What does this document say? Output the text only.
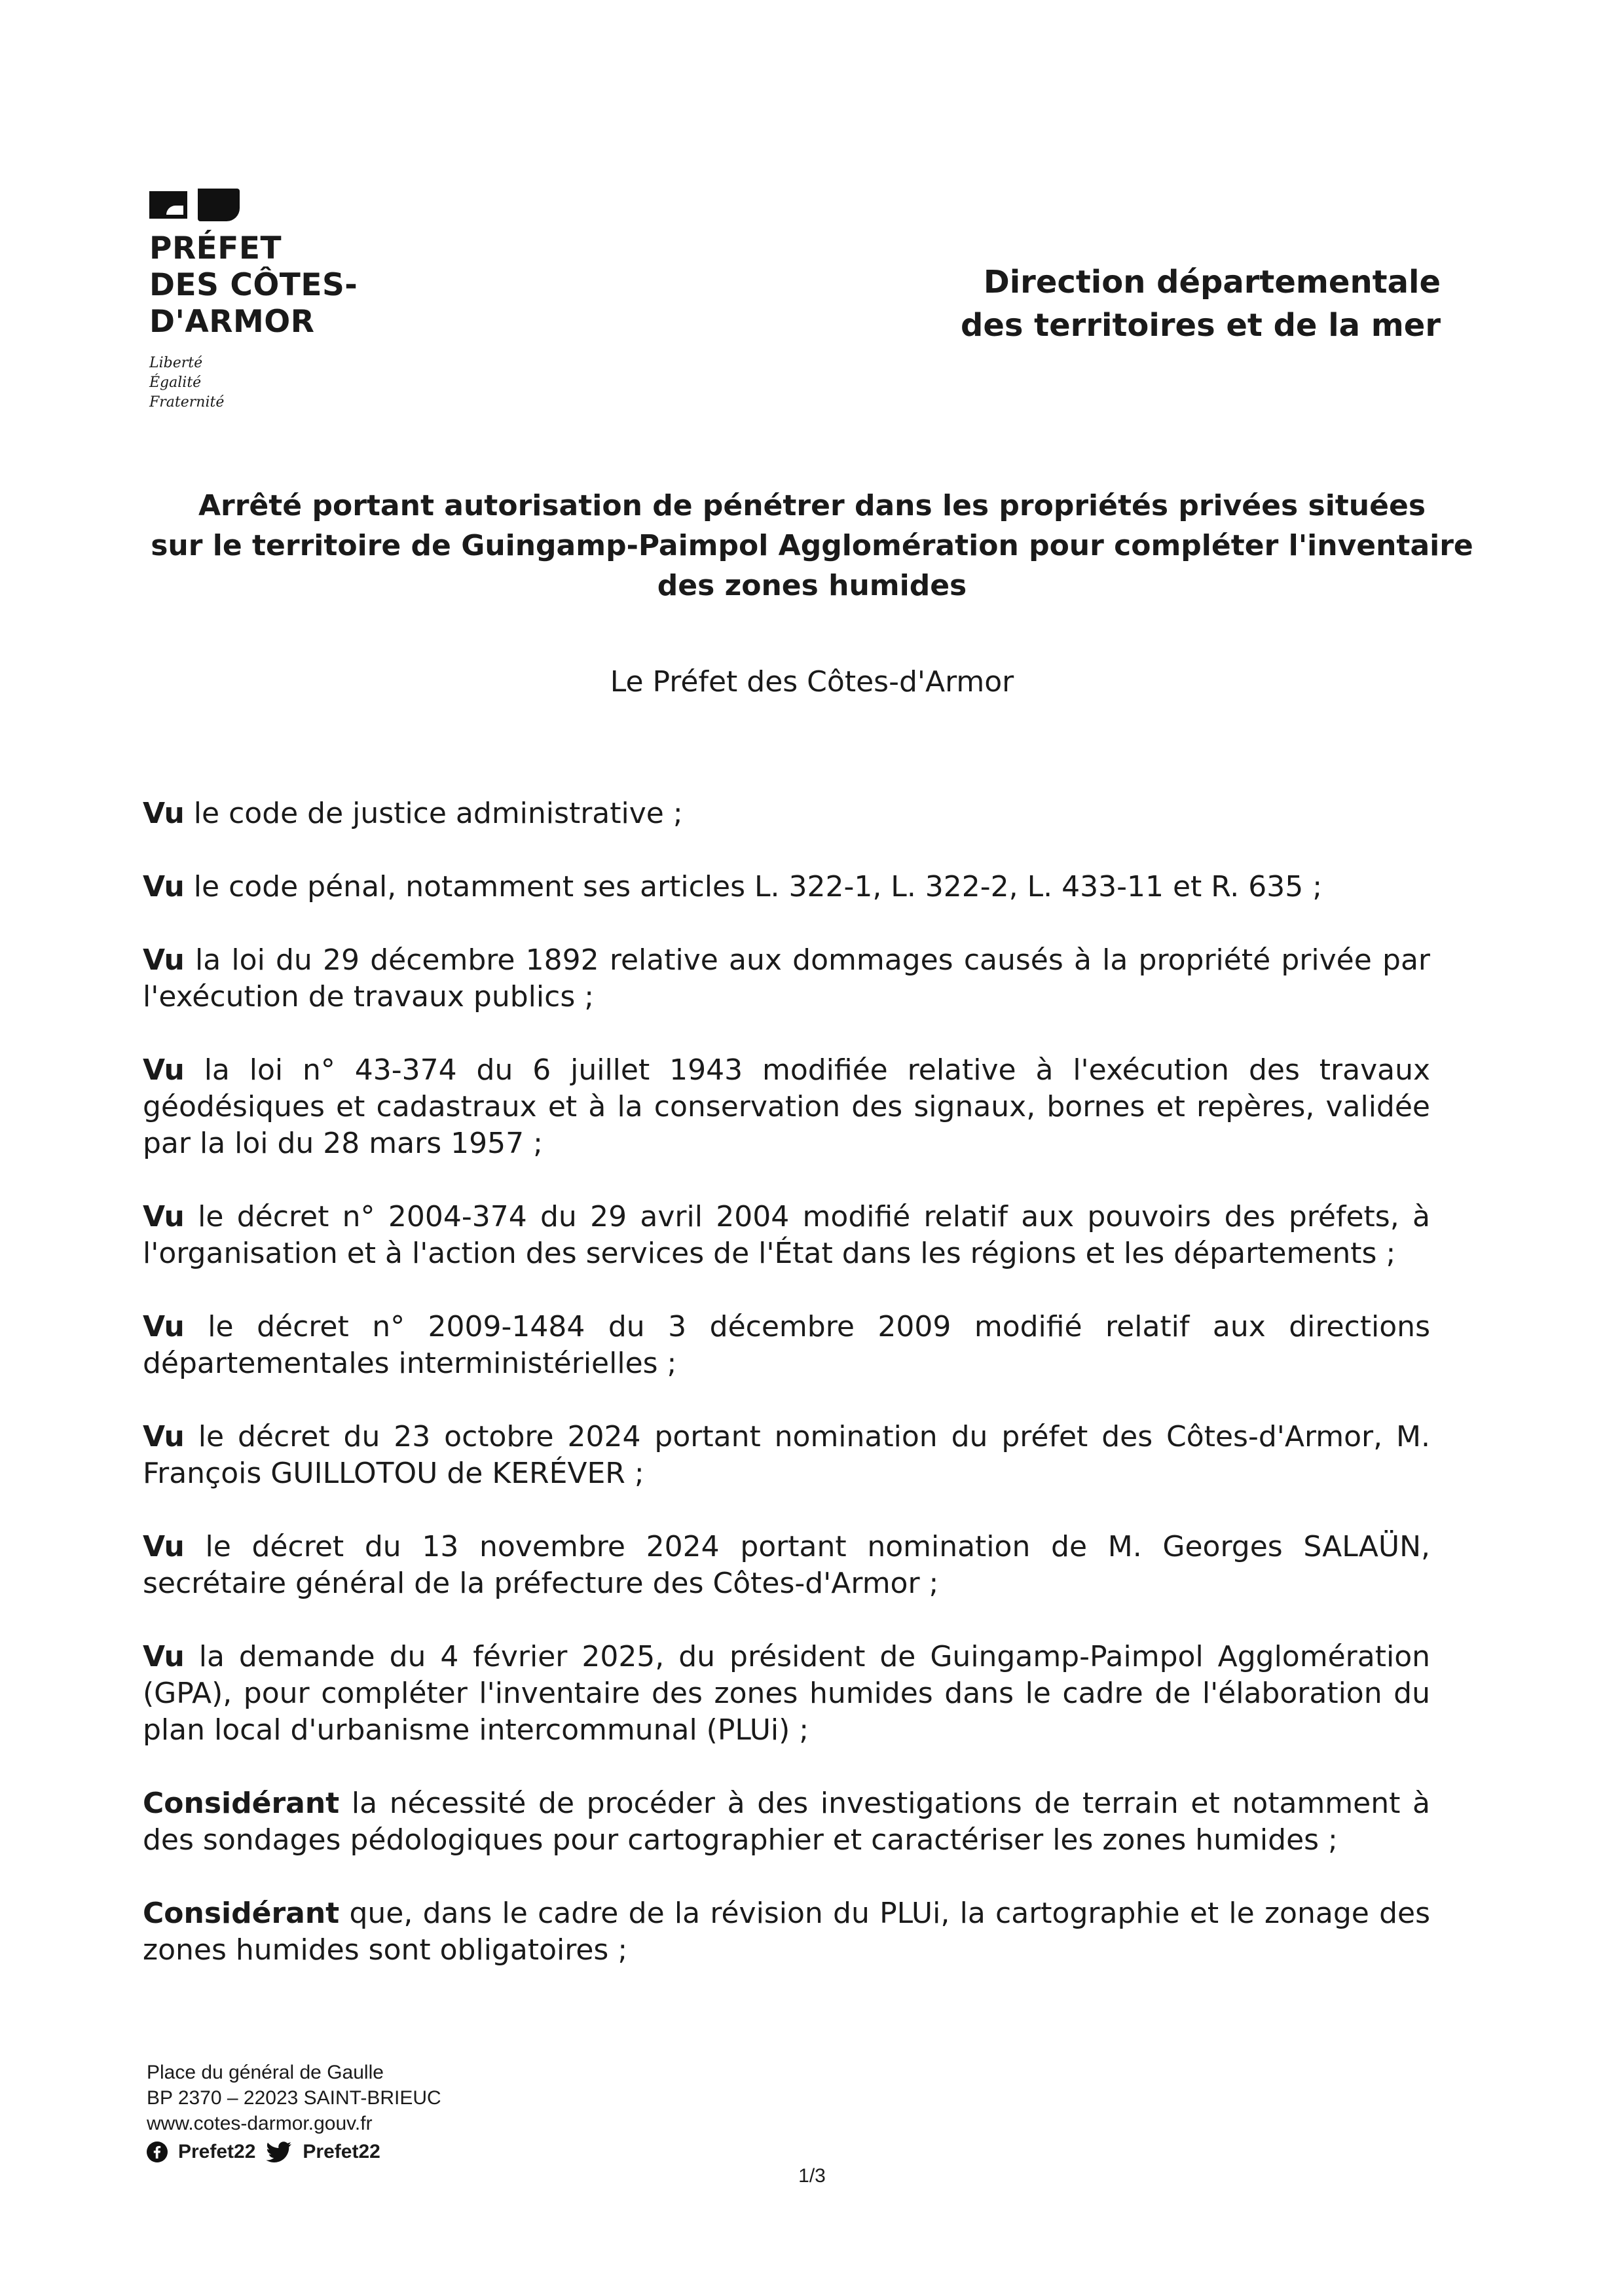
PRÉFET
DES CÔTES-
D'ARMOR
Liberté
Égalité
Fraternité
Direction départementale
des territoires et de la mer
Arrêté portant autorisation de pénétrer dans les propriétés privées situées
sur le territoire de Guingamp-Paimpol Agglomération pour compléter l'inventaire
des zones humides
Le Préfet des Côtes-d'Armor

Vu le code de justice administrative ;

Vu le code pénal, notamment ses articles L. 322-1, L. 322-2, L. 433-11 et R. 635 ;

Vu la loi du 29 décembre 1892 relative aux dommages causés à la propriété privée par l'exécution de travaux publics ;

Vu la loi n° 43-374 du 6 juillet 1943 modifiée relative à l'exécution des travaux géodésiques et cadastraux et à la conservation des signaux, bornes et repères, validée par la loi du 28 mars 1957 ;

Vu le décret n° 2004-374 du 29 avril 2004 modifié relatif aux pouvoirs des préfets, à l'organisation et à l'action des services de l'État dans les régions et les départements ;

Vu le décret n° 2009-1484 du 3 décembre 2009 modifié relatif aux directions départementales interministérielles ;

Vu le décret du 23 octobre 2024 portant nomination du préfet des Côtes-d'Armor, M. François GUILLOTOU de KERÉVER ;

Vu le décret du 13 novembre 2024 portant nomination de M. Georges SALAÜN, secrétaire général de la préfecture des Côtes-d'Armor ;

Vu la demande du 4 février 2025, du président de Guingamp-Paimpol Agglomération (GPA), pour compléter l'inventaire des zones humides dans le cadre de l'élaboration du plan local d'urbanisme intercommunal (PLUi) ;

Considérant la nécessité de procéder à des investigations de terrain et notamment à des sondages pédologiques pour cartographier et caractériser les zones humides ;

Considérant que, dans le cadre de la révision du PLUi, la cartographie et le zonage des zones humides sont obligatoires ;

Place du général de Gaulle
BP 2370 – 22023 SAINT-BRIEUC
www.cotes-darmor.gouv.fr
Prefet22 Prefet22
1/3
